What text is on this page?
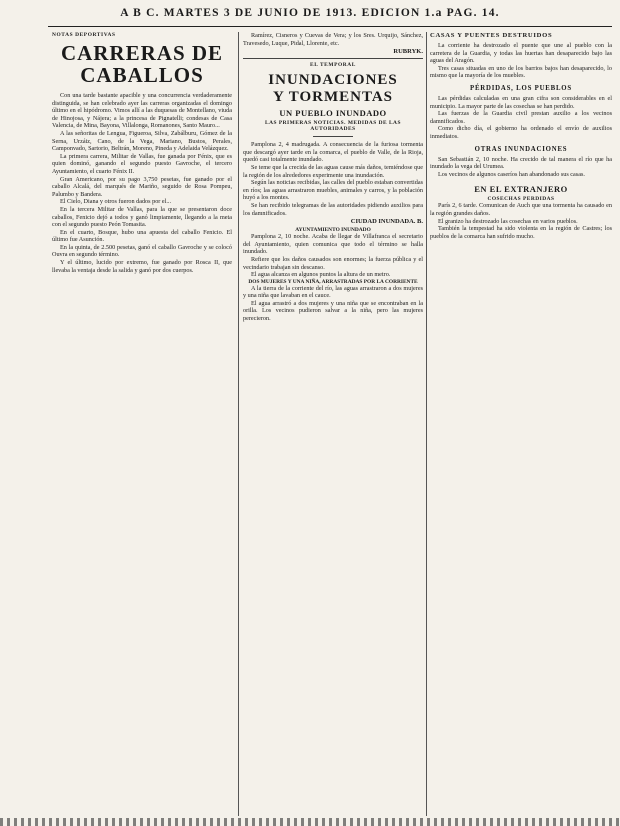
A B C. MARTES 3 DE JUNIO DE 1913. EDICION 1.a PAG. 14.

NOTAS DEPORTIVAS

CARRERAS DE CABALLOS

Con una tarde bastante apacible y una concurrencia verdaderamente distinguida, se han celebrado ayer las carreras organizadas el domingo último en el hipódromo. Vimos allí a las duquesas de Montellano, viuda de Hinojosa, y Nájera; a la princesa de Pignatelli; condesas de Casa Valencia, de Mina, Bayona, Villalonga, Romanones, Santo Mauro...

A las señoritas de Lengua, Figueroa, Silva, Zabálburu, Gómez de la Serna, Urzáiz, Cano, de la Vega, Mariano, Bustos, Perales, Camponvado, Sartorio, Beltrán, Moreno, Pineda y Adelaida Velázquez.

La primera carrera, Militar de Vallas, fue ganada por Fénix, que es quien dominó, ganando el segundo puesto Gavroche, el tercero Ayuntamiento, el cuarto Fénix II.

Gran Americano, por su pago 3,750 pesetas, fue ganado por el caballo Alcalá, del marqués de Mariño, seguido de Rosa Pompeu, Palumbo y Bandera.

El Cielo, Diana y otros fueron dados por el...

En la tercera Militar de Vallas, para la que se presentaron doce caballos, Fenicio dejó a todos y ganó limpiamente, llegando a la meta con el segundo puesto Peón Tomasita.

En el cuarto, Bosque, hubo una apuesta del caballo Fenicio. El último fue Asunción.

En la quinta, de 2.500 pesetas, ganó el caballo Gavroche y se colocó Ouvra en segundo término.

Y el último, lucido por extremo, fue ganado por Rosca II, que llevaba la ventaja desde la salida y ganó por dos cuerpos.

Ramírez, Cisneros y Cuevas de Vera; y los Sres. Urquijo, Sánchez, Travesedo, Luque, Pidal, Llorente, etc.

RUBRYK.

EL TEMPORAL

INUNDACIONES

Y TORMENTAS

UN PUEBLO INUNDADO

LAS PRIMERAS NOTICIAS. MEDIDAS DE LAS AUTORIDADES

Pamplona 2, 4 madrugada. A consecuencia de la furiosa tormenta que descargó ayer tarde en la comarca, el pueblo de Valle, de la Rioja, quedó casi totalmente inundado.

Se teme que la crecida de las aguas cause más daños, temiéndose que la región de los alrededores experimente una inundación.

Según las noticias recibidas, las calles del pueblo estaban convertidas en ríos; las aguas arrastraron muebles, animales y carros, y la población huyó a los montes.

Se han recibido telegramas de las autoridades pidiendo auxilios para los damnificados.

CIUDAD INUNDADA. B.

AYUNTAMIENTO INUNDADO

Pamplona 2, 10 noche. Acaba de llegar de Villafranca el secretario del Ayuntamiento, quien comunica que todo el término se halla inundado.

Refiere que los daños causados son enormes; la fuerza pública y el vecindario trabajan sin descanso.

El agua alcanza en algunos puntos la altura de un metro.

DOS MUJERES Y UNA NIÑA, ARRASTRADAS POR LA CORRIENTE

A la tierra de la corriente del río, las aguas arrastraron a dos mujeres y una niña que lavaban en el cauce.

El agua arrastró a dos mujeres y una niña que se encontraban en la orilla. Los vecinos pudieron salvar a la niña, pero las mujeres perecieron.

CASAS Y PUENTES DESTRUIDOS

La corriente ha destrozado el puente que une al pueblo con la carretera de la Guardia, y todas las huertas han desaparecido bajo las aguas del Aragón.

Tres casas situadas en uno de los barrios bajos han desaparecido, lo mismo que la mayoría de los muebles.

PÉRDIDAS, LOS PUEBLOS

Las pérdidas calculadas en una gran cifra son considerables en el municipio. La mayor parte de las cosechas se han perdido.

Las fuerzas de la Guardia civil prestan auxilio a los vecinos damnificados.

Como dicho día, el gobierno ha ordenado el envío de auxilios inmediatos.

OTRAS INUNDACIONES

San Sebastián 2, 10 noche. Ha crecido de tal manera el río que ha inundado la vega del Urumea.

Los vecinos de algunos caseríos han abandonado sus casas.

EN EL EXTRANJERO

COSECHAS PERDIDAS

París 2, 6 tarde. Comunican de Auch que una tormenta ha causado en la región grandes daños.

El granizo ha destrozado las cosechas en varios pueblos.

También la tempestad ha sido violenta en la región de Castres; los pueblos de la comarca han sufrido mucho.
